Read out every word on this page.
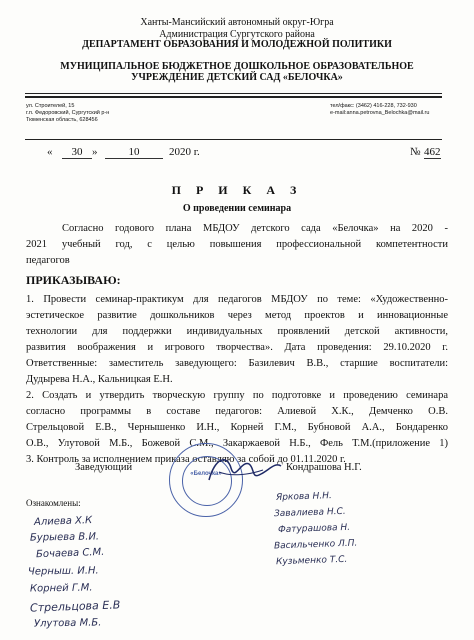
Ханты-Мансийский автономный округ-Югра
Администрация Сургутского района
ДЕПАРТАМЕНТ ОБРАЗОВАНИЯ И МОЛОДЕЖНОЙ ПОЛИТИКИ
МУНИЦИПАЛЬНОЕ БЮДЖЕТНОЕ ДОШКОЛЬНОЕ ОБРАЗОВАТЕЛЬНОЕ
УЧРЕЖДЕНИЕ ДЕТСКИЙ САД «БЕЛОЧКА»
ул. Строителей, 15
г.п. Федоровский, Сургутский р-н
Тюменская область, 628456
тел/факс: (3462) 416-228, 732-930
e-mail:anna.petrovna_Belochka@mail.ru
«	30 »	10	2020 г.	№ 462
П Р И К А З
О проведении семинара
Согласно годового плана МБДОУ детского сада «Белочка» на 2020 -
2021 учебный год, с целью повышения профессиональной компетентности
педагогов
ПРИКАЗЫВАЮ:
1. Провести семинар-практикум для педагогов МБДОУ по теме: «Художественно-
эстетическое развитие дошкольников через метод проектов и инновационные
технологии для поддержки индивидуальных проявлений детской активности,
развития воображения и игрового творчества». Дата проведения: 29.10.2020 г.
Ответственные: заместитель заведующего: Базилевич В.В., старшие воспитатели:
Дудырева Н.А., Кальницкая Е.Н.
2. Создать и утвердить творческую группу по подготовке и проведению семинара
согласно программы в составе педагогов: Алиевой Х.К., Демченко О.В.
Стрельцовой Е.В., Чернышенко И.Н., Корней Г.М., Бубновой А.А., Бондаренко
О.В., Улутовой М.Б., Божевой С.М., Закаржаевой Н.Б., Фель Т.М.(приложение 1)
3. Контроль за исполнением приказа оставляю за собой до 01.11.2020 г.
«Белочка»
Заведующий	Кондрашова Н.Г.
Ознакомлены:
Алиева Х.К
Бурыева В.И.
Бочаева С.М.
Черныш. И.Н.
Корней Г.М.
Стрельцова Е.В
Улутова М.Б.
Яркова Н.Н.
Завалиева Н.С.
Фатурашова Н.
Васильченко Л.П.
Кузьменко Т.С.
